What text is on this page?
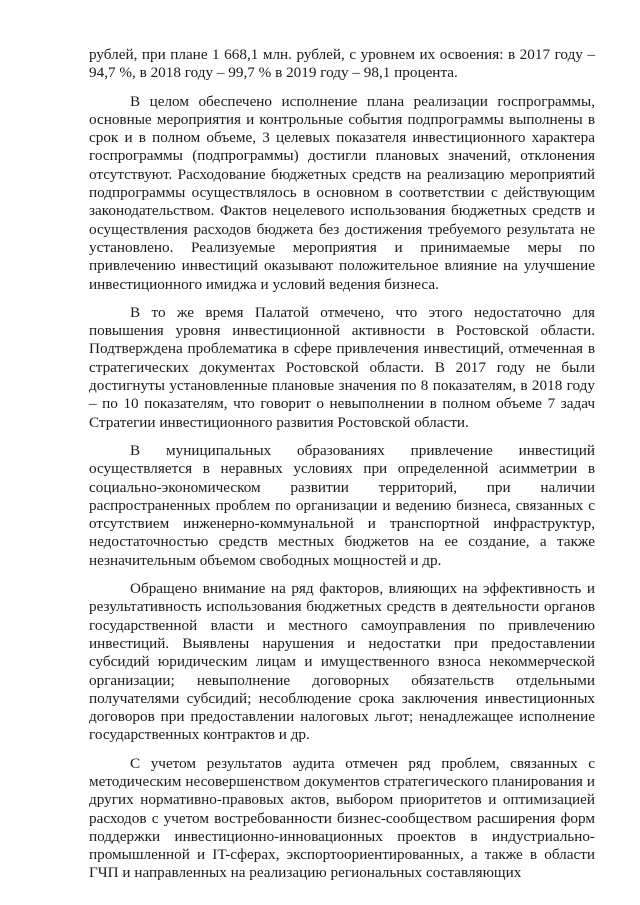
рублей, при плане 1 668,1 млн. рублей, с уровнем их освоения: в 2017 году – 94,7 %, в 2018 году – 99,7 % в 2019 году – 98,1 процента.

В целом обеспечено исполнение плана реализации госпрограммы, основные мероприятия и контрольные события подпрограммы выполнены в срок и в полном объеме, 3 целевых показателя инвестиционного характера госпрограммы (подпрограммы) достигли плановых значений, отклонения отсутствуют. Расходование бюджетных средств на реализацию мероприятий подпрограммы осуществлялось в основном в соответствии с действующим законодательством. Фактов нецелевого использования бюджетных средств и осуществления расходов бюджета без достижения требуемого результата не установлено. Реализуемые мероприятия и принимаемые меры по привлечению инвестиций оказывают положительное влияние на улучшение инвестиционного имиджа и условий ведения бизнеса.

В то же время Палатой отмечено, что этого недостаточно для повышения уровня инвестиционной активности в Ростовской области. Подтверждена проблематика в сфере привлечения инвестиций, отмеченная в стратегических документах Ростовской области. В 2017 году не были достигнуты установленные плановые значения по 8 показателям, в 2018 году – по 10 показателям, что говорит о невыполнении в полном объеме 7 задач Стратегии инвестиционного развития Ростовской области.

В муниципальных образованиях привлечение инвестиций осуществляется в неравных условиях при определенной асимметрии в социально-экономическом развитии территорий, при наличии распространенных проблем по организации и ведению бизнеса, связанных с отсутствием инженерно-коммунальной и транспортной инфраструктур, недостаточностью средств местных бюджетов на ее создание, а также незначительным объемом свободных мощностей и др.

Обращено внимание на ряд факторов, влияющих на эффективность и результативность использования бюджетных средств в деятельности органов государственной власти и местного самоуправления по привлечению инвестиций. Выявлены нарушения и недостатки при предоставлении субсидий юридическим лицам и имущественного взноса некоммерческой организации; невыполнение договорных обязательств отдельными получателями субсидий; несоблюдение срока заключения инвестиционных договоров при предоставлении налоговых льгот; ненадлежащее исполнение государственных контрактов и др.

С учетом результатов аудита отмечен ряд проблем, связанных с методическим несовершенством документов стратегического планирования и других нормативно-правовых актов, выбором приоритетов и оптимизацией расходов с учетом востребованности бизнес-сообществом расширения форм поддержки инвестиционно-инновационных проектов в индустриально-промышленной и IT-сферах, экспортоориентированных, а также в области ГЧП и направленных на реализацию региональных составляющих
